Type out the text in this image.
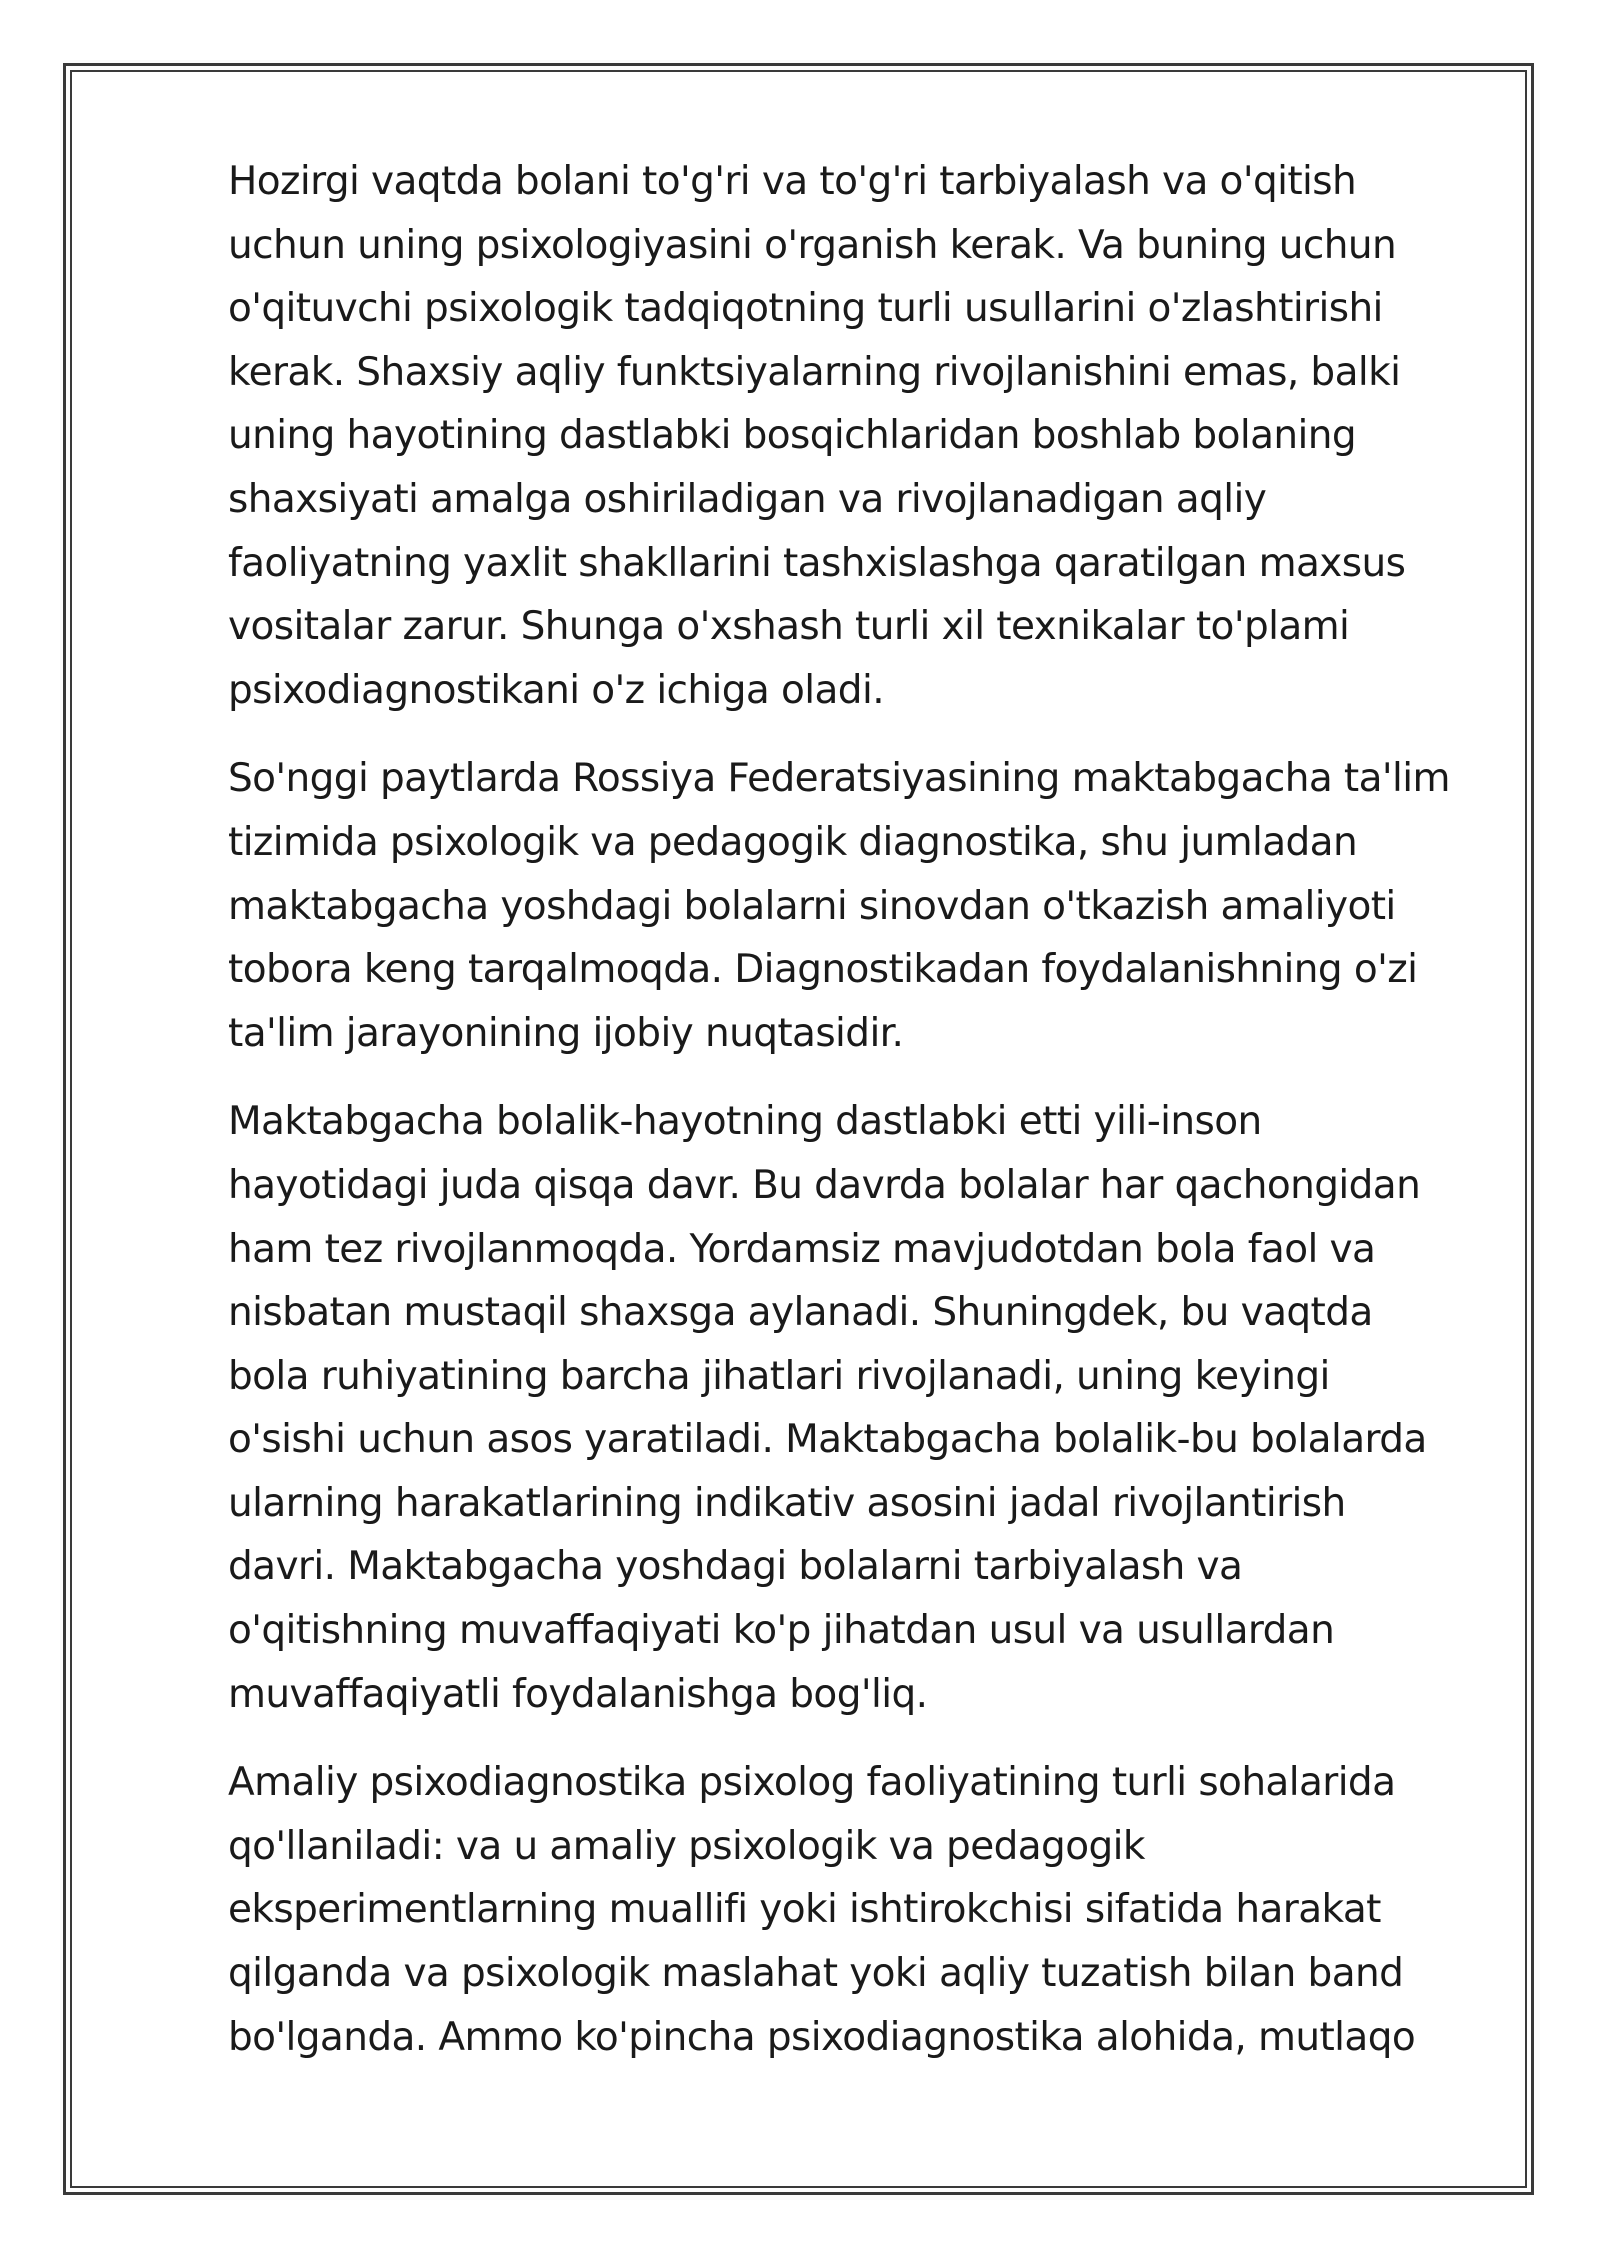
Hozirgi vaqtda bolani to'g'ri va to'g'ri tarbiyalash va o'qitish
uchun uning psixologiyasini o'rganish kerak. Va buning uchun
o'qituvchi psixologik tadqiqotning turli usullarini o'zlashtirishi
kerak. Shaxsiy aqliy funktsiyalarning rivojlanishini emas, balki
uning hayotining dastlabki bosqichlaridan boshlab bolaning
shaxsiyati amalga oshiriladigan va rivojlanadigan aqliy
faoliyatning yaxlit shakllarini tashxislashga qaratilgan maxsus
vositalar zarur. Shunga o'xshash turli xil texnikalar to'plami
psixodiagnostikani o'z ichiga oladi.

So'nggi paytlarda Rossiya Federatsiyasining maktabgacha ta'lim
tizimida psixologik va pedagogik diagnostika, shu jumladan
maktabgacha yoshdagi bolalarni sinovdan o'tkazish amaliyoti
tobora keng tarqalmoqda. Diagnostikadan foydalanishning o'zi
ta'lim jarayonining ijobiy nuqtasidir.

Maktabgacha bolalik-hayotning dastlabki etti yili-inson
hayotidagi juda qisqa davr. Bu davrda bolalar har qachongidan
ham tez rivojlanmoqda. Yordamsiz mavjudotdan bola faol va
nisbatan mustaqil shaxsga aylanadi. Shuningdek, bu vaqtda
bola ruhiyatining barcha jihatlari rivojlanadi, uning keyingi
o'sishi uchun asos yaratiladi. Maktabgacha bolalik-bu bolalarda
ularning harakatlarining indikativ asosini jadal rivojlantirish
davri. Maktabgacha yoshdagi bolalarni tarbiyalash va
o'qitishning muvaffaqiyati ko'p jihatdan usul va usullardan
muvaffaqiyatli foydalanishga bog'liq.

Amaliy psixodiagnostika psixolog faoliyatining turli sohalarida
qo'llaniladi: va u amaliy psixologik va pedagogik
eksperimentlarning muallifi yoki ishtirokchisi sifatida harakat
qilganda va psixologik maslahat yoki aqliy tuzatish bilan band
bo'lganda. Ammo ko'pincha psixodiagnostika alohida, mutlaqo
